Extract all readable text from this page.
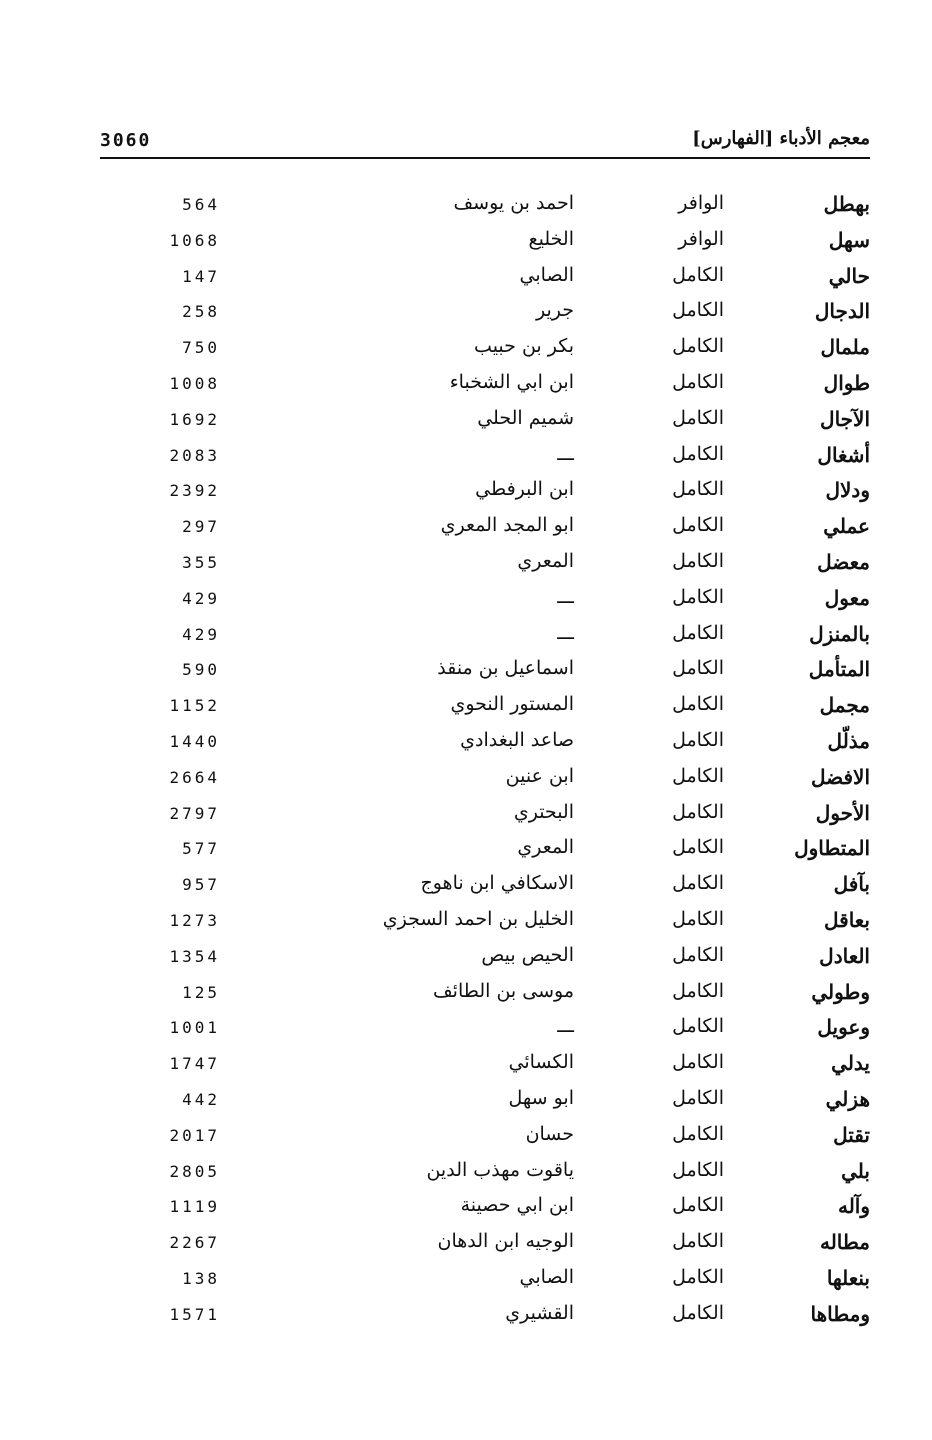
3060	معجم الأدباء [الفهارس]
بهطل
الوافر
احمد بن يوسف
564
سهل
الوافر
الخليع
1068
حالي
الكامل
الصابي
147
الدجال
الكامل
جرير
258
ملمال
الكامل
بكر بن حبيب
750
طوال
الكامل
ابن ابي الشخباء
1008
الآجال
الكامل
شميم الحلي
1692
أشغال
الكامل
ـــ
2083
ودلال
الكامل
ابن البرفطي
2392
عملي
الكامل
ابو المجد المعري
297
معضل
الكامل
المعري
355
معول
الكامل
ـــ
429
بالمنزل
الكامل
ـــ
429
المتأمل
الكامل
اسماعيل بن منقذ
590
مجمل
الكامل
المستور النحوي
1152
مذلّل
الكامل
صاعد البغدادي
1440
الافضل
الكامل
ابن عنين
2664
الأحول
الكامل
البحتري
2797
المتطاول
الكامل
المعري
577
بآفل
الكامل
الاسكافي ابن ناهوج
957
بعاقل
الكامل
الخليل بن احمد السجزي
1273
العادل
الكامل
الحيص بيص
1354
وطولي
الكامل
موسى بن الطائف
125
وعويل
الكامل
ـــ
1001
يدلي
الكامل
الكسائي
1747
هزلي
الكامل
ابو سهل
442
تقتل
الكامل
حسان
2017
بلي
الكامل
ياقوت مهذب الدين
2805
وآله
الكامل
ابن ابي حصينة
1119
مطاله
الكامل
الوجيه ابن الدهان
2267
بنعلها
الكامل
الصابي
138
ومطاها
الكامل
القشيري
1571
